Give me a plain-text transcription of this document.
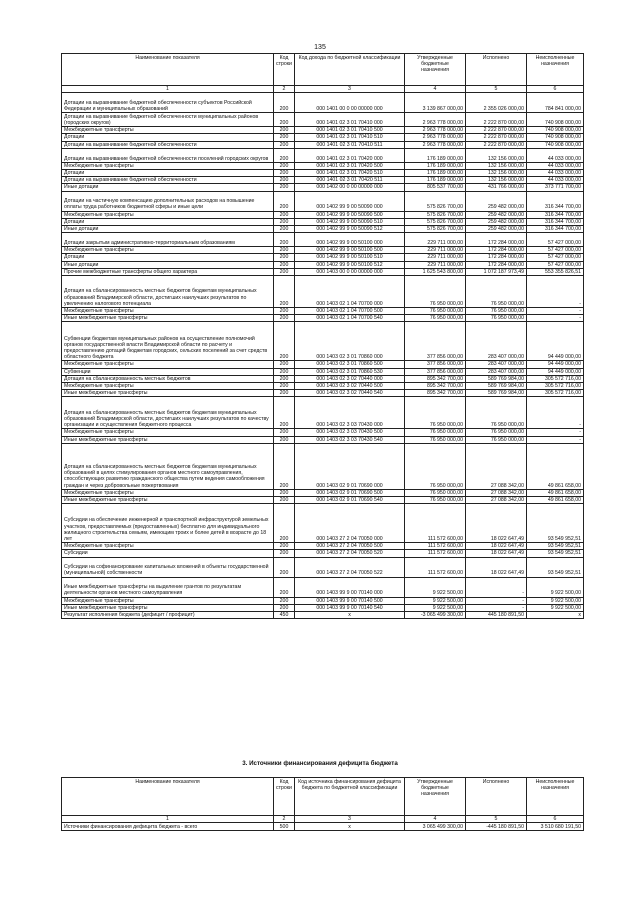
135
Наименование показателя	Код строки	Код дохода по бюджетной классификации	Утвержденные бюджетные назначения	Исполнено	Неисполненные назначения
1	2	3	4	5	6
Дотации на выравнивание бюджетной обеспеченности субъектов Российской Федерации и муниципальных образований	200	000 1401 00 0 00 00000 000	3 139 867 000,00	2 355 026 000,00	784 841 000,00
Дотации на выравнивание бюджетной обеспеченности муниципальных районов (городских округов)	200	000 1401 02 3 01 70410 000	2 963 778 000,00	2 222 870 000,00	740 908 000,00
Межбюджетные трансферты	200	000 1401 02 3 01 70410 500	2 963 778 000,00	2 222 870 000,00	740 908 000,00
Дотации	200	000 1401 02 3 01 70410 510	2 963 778 000,00	2 222 870 000,00	740 908 000,00
Дотации на выравнивание бюджетной обеспеченности	200	000 1401 02 3 01 70410 511	2 963 778 000,00	2 222 870 000,00	740 908 000,00
Дотации на выравнивание бюджетной обеспеченности поселений городских округов	200	000 1401 02 3 01 70420 000	176 189 000,00	132 156 000,00	44 033 000,00
Межбюджетные трансферты	200	000 1401 02 3 01 70420 500	176 189 000,00	132 156 000,00	44 033 000,00
Дотации	200	000 1401 02 3 01 70420 510	176 189 000,00	132 156 000,00	44 033 000,00
Дотации на выравнивание бюджетной обеспеченности	200	000 1401 02 3 01 70420 511	176 189 000,00	132 156 000,00	44 033 000,00
Иные дотации	200	000 1402 00 0 00 00000 000	805 537 700,00	431 766 000,00	373 771 700,00
Дотации на частичную компенсацию дополнительных расходов на повышение оплаты труда работников бюджетной сферы и иные цели	200	000 1402 99 9 00 50090 000	575 826 700,00	259 482 000,00	316 344 700,00
Межбюджетные трансферты	200	000 1402 99 9 00 50090 500	575 826 700,00	259 482 000,00	316 344 700,00
Дотации	200	000 1402 99 9 00 50090 510	575 826 700,00	259 482 000,00	316 344 700,00
Иные дотации	200	000 1402 99 9 00 50090 512	575 826 700,00	259 482 000,00	316 344 700,00
Дотации закрытым административно-территориальным образованиям	200	000 1402 99 9 00 50100 000	229 711 000,00	172 284 000,00	57 427 000,00
Межбюджетные трансферты	200	000 1402 99 9 00 50100 500	229 711 000,00	172 284 000,00	57 427 000,00
Дотации	200	000 1402 99 9 00 50100 510	229 711 000,00	172 284 000,00	57 427 000,00
Иные дотации	200	000 1402 99 9 00 50100 512	229 711 000,00	172 284 000,00	57 427 000,00
Прочие межбюджетные трансферты общего характера	200	000 1403 00 0 00 00000 000	1 625 543 800,00	1 072 187 973,49	553 355 826,51
Дотация на сбалансированность местных бюджетов бюджетам муниципальных образований Владимирской области, достигших наилучших результатов по увеличению налогового потенциала	200	000 1403 02 1 04 70700 000	76 950 000,00	76 950 000,00	-
Межбюджетные трансферты	200	000 1403 02 1 04 70700 500	76 950 000,00	76 950 000,00	-
Иные межбюджетные трансферты	200	000 1403 02 1 04 70700 540	76 950 000,00	76 950 000,00	-
Субвенции бюджетам муниципальных районов на осуществление полномочий органов государственной власти Владимирской области по расчету и предоставлению дотаций бюджетам городских, сельских поселений за счет средств областного бюджета	200	000 1403 02 3 01 70860 000	377 856 000,00	283 407 000,00	94 449 000,00
Межбюджетные трансферты	200	000 1403 02 3 01 70860 500	377 856 000,00	283 407 000,00	94 449 000,00
Субвенции	200	000 1403 02 3 01 70860 530	377 856 000,00	283 407 000,00	94 449 000,00
Дотация на сбалансированность местных бюджетов	200	000 1403 02 3 02 70440 000	895 342 700,00	589 769 984,00	305 572 716,00
Межбюджетные трансферты	200	000 1403 02 3 02 70440 500	895 342 700,00	589 769 984,00	305 572 716,00
Иные межбюджетные трансферты	200	000 1403 02 3 02 70440 540	895 342 700,00	589 769 984,00	305 572 716,00
Дотация на сбалансированность местных бюджетов бюджетам муниципальных образований Владимирской области, достигших наилучших результатов по качеству организации и осуществления бюджетного процесса	200	000 1403 02 3 03 70430 000	76 950 000,00	76 950 000,00	-
Межбюджетные трансферты	200	000 1403 02 3 03 70430 500	76 950 000,00	76 950 000,00	-
Иные межбюджетные трансферты	200	000 1403 02 3 03 70430 540	76 950 000,00	76 950 000,00	-
Дотация на сбалансированность местных бюджетов бюджетам муниципальных образований в целях стимулирования органов местного самоуправления, способствующих развитию гражданского общества путем ведения самообложения граждан и через добровольные пожертвования	200	000 1403 02 9 01 70690 000	76 950 000,00	27 088 342,00	49 861 658,00
Межбюджетные трансферты	200	000 1403 02 9 01 70690 500	76 950 000,00	27 088 342,00	49 861 658,00
Иные межбюджетные трансферты	200	000 1403 02 9 01 70690 540	76 950 000,00	27 088 342,00	49 861 658,00
Субсидии на обеспечение инженерной и транспортной инфраструктурой земельных участков, предоставляемых (предоставленных) бесплатно для индивидуального жилищного строительства семьям, имеющим троих и более детей в возрасте до 18 лет	200	000 1403 27 2 04 70050 000	111 572 600,00	18 022 647,49	93 549 952,51
Межбюджетные трансферты	200	000 1403 27 2 04 70050 500	111 572 600,00	18 022 647,49	93 549 952,51
Субсидии	200	000 1403 27 2 04 70050 520	111 572 600,00	18 022 647,49	93 549 952,51
Субсидии на софинансирование капитальных вложений в объекты государственной (муниципальной) собственности	200	000 1403 27 2 04 70050 522	111 572 600,00	18 022 647,49	93 549 952,51
Иные межбюджетные трансферты на выделение грантов по результатам деятельности органов местного самоуправления	200	000 1403 99 9 00 70140 000	9 922 500,00	-	9 922 500,00
Межбюджетные трансферты	200	000 1403 99 9 00 70140 500	9 922 500,00	-	9 922 500,00
Иные межбюджетные трансферты	200	000 1403 99 9 00 70140 540	9 922 500,00	-	9 922 500,00
Результат исполнения бюджета (дефицит / профицит)	450	x	-3 065 499 300,00	445 180 891,50	x
3. Источники финансирования дефицита бюджета
Наименование показателя	Код строки	Код источника финансирования дефицита бюджета по бюджетной классификации	Утвержденные бюджетные назначения	Исполнено	Неисполненные назначения
1	2	3	4	5	6
Источники финансирования дефицита бюджета - всего	500	x	3 065 499 300,00	-445 180 891,50	3 510 680 191,50
